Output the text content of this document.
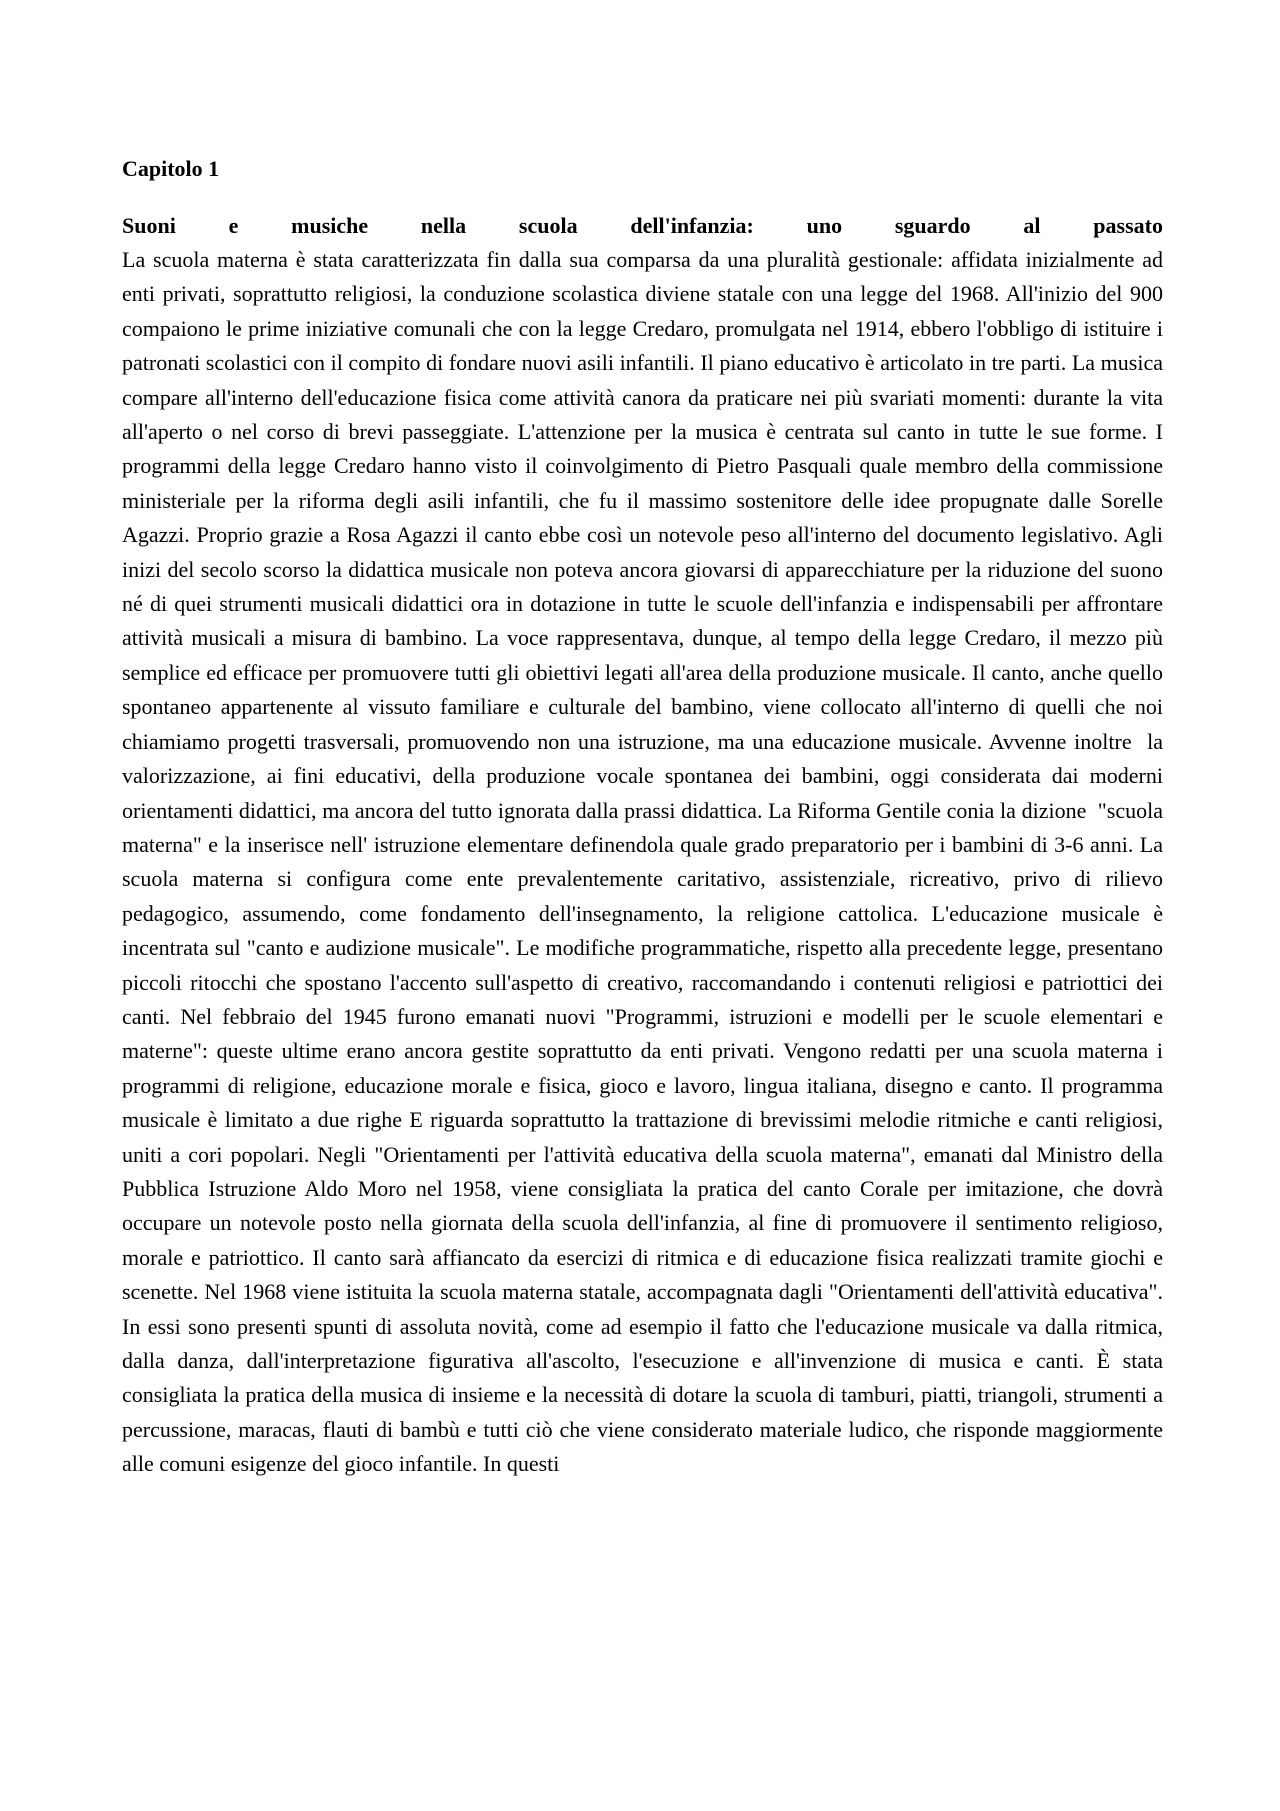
Capitolo 1
Suoni e musiche nella scuola dell'infanzia: uno sguardo al passato

La scuola materna è stata caratterizzata fin dalla sua comparsa da una pluralità gestionale: affidata inizialmente ad enti privati, soprattutto religiosi, la conduzione scolastica diviene statale con una legge del 1968. All'inizio del 900 compaiono le prime iniziative comunali che con la legge Credaro, promulgata nel 1914, ebbero l'obbligo di istituire i patronati scolastici con il compito di fondare nuovi asili infantili. Il piano educativo è articolato in tre parti. La musica compare all'interno dell'educazione fisica come attività canora da praticare nei più svariati momenti: durante la vita all'aperto o nel corso di brevi passeggiate. L'attenzione per la musica è centrata sul canto in tutte le sue forme. I programmi della legge Credaro hanno visto il coinvolgimento di Pietro Pasquali quale membro della commissione ministeriale per la riforma degli asili infantili, che fu il massimo sostenitore delle idee propugnate dalle Sorelle Agazzi. Proprio grazie a Rosa Agazzi il canto ebbe così un notevole peso all'interno del documento legislativo. Agli inizi del secolo scorso la didattica musicale non poteva ancora giovarsi di apparecchiature per la riduzione del suono né di quei strumenti musicali didattici ora in dotazione in tutte le scuole dell'infanzia e indispensabili per affrontare attività musicali a misura di bambino. La voce rappresentava, dunque, al tempo della legge Credaro, il mezzo più semplice ed efficace per promuovere tutti gli obiettivi legati all'area della produzione musicale. Il canto, anche quello spontaneo appartenente al vissuto familiare e culturale del bambino, viene collocato all'interno di quelli che noi chiamiamo progetti trasversali, promuovendo non una istruzione, ma una educazione musicale. Avvenne inoltre  la valorizzazione, ai fini educativi, della produzione vocale spontanea dei bambini, oggi considerata dai moderni orientamenti didattici, ma ancora del tutto ignorata dalla prassi didattica. La Riforma Gentile conia la dizione  "scuola materna" e la inserisce nell' istruzione elementare definendola quale grado preparatorio per i bambini di 3-6 anni. La scuola materna si configura come ente prevalentemente caritativo, assistenziale, ricreativo, privo di rilievo pedagogico, assumendo, come fondamento dell'insegnamento, la religione cattolica. L'educazione musicale è incentrata sul "canto e audizione musicale". Le modifiche programmatiche, rispetto alla precedente legge, presentano piccoli ritocchi che spostano l'accento sull'aspetto di creativo, raccomandando i contenuti religiosi e patriottici dei canti. Nel febbraio del 1945 furono emanati nuovi "Programmi, istruzioni e modelli per le scuole elementari e materne": queste ultime erano ancora gestite soprattutto da enti privati. Vengono redatti per una scuola materna i programmi di religione, educazione morale e fisica, gioco e lavoro, lingua italiana, disegno e canto. Il programma musicale è limitato a due righe E riguarda soprattutto la trattazione di brevissimi melodie ritmiche e canti religiosi, uniti a cori popolari. Negli "Orientamenti per l'attività educativa della scuola materna", emanati dal Ministro della Pubblica Istruzione Aldo Moro nel 1958, viene consigliata la pratica del canto Corale per imitazione, che dovrà occupare un notevole posto nella giornata della scuola dell'infanzia, al fine di promuovere il sentimento religioso, morale e patriottico. Il canto sarà affiancato da esercizi di ritmica e di educazione fisica realizzati tramite giochi e scenette. Nel 1968 viene istituita la scuola materna statale, accompagnata dagli "Orientamenti dell'attività educativa". In essi sono presenti spunti di assoluta novità, come ad esempio il fatto che l'educazione musicale va dalla ritmica, dalla danza, dall'interpretazione figurativa all'ascolto, l'esecuzione e all'invenzione di musica e canti. È stata consigliata la pratica della musica di insieme e la necessità di dotare la scuola di tamburi, piatti, triangoli, strumenti a percussione, maracas, flauti di bambù e tutti ciò che viene considerato materiale ludico, che risponde maggiormente alle comuni esigenze del gioco infantile. In questi
